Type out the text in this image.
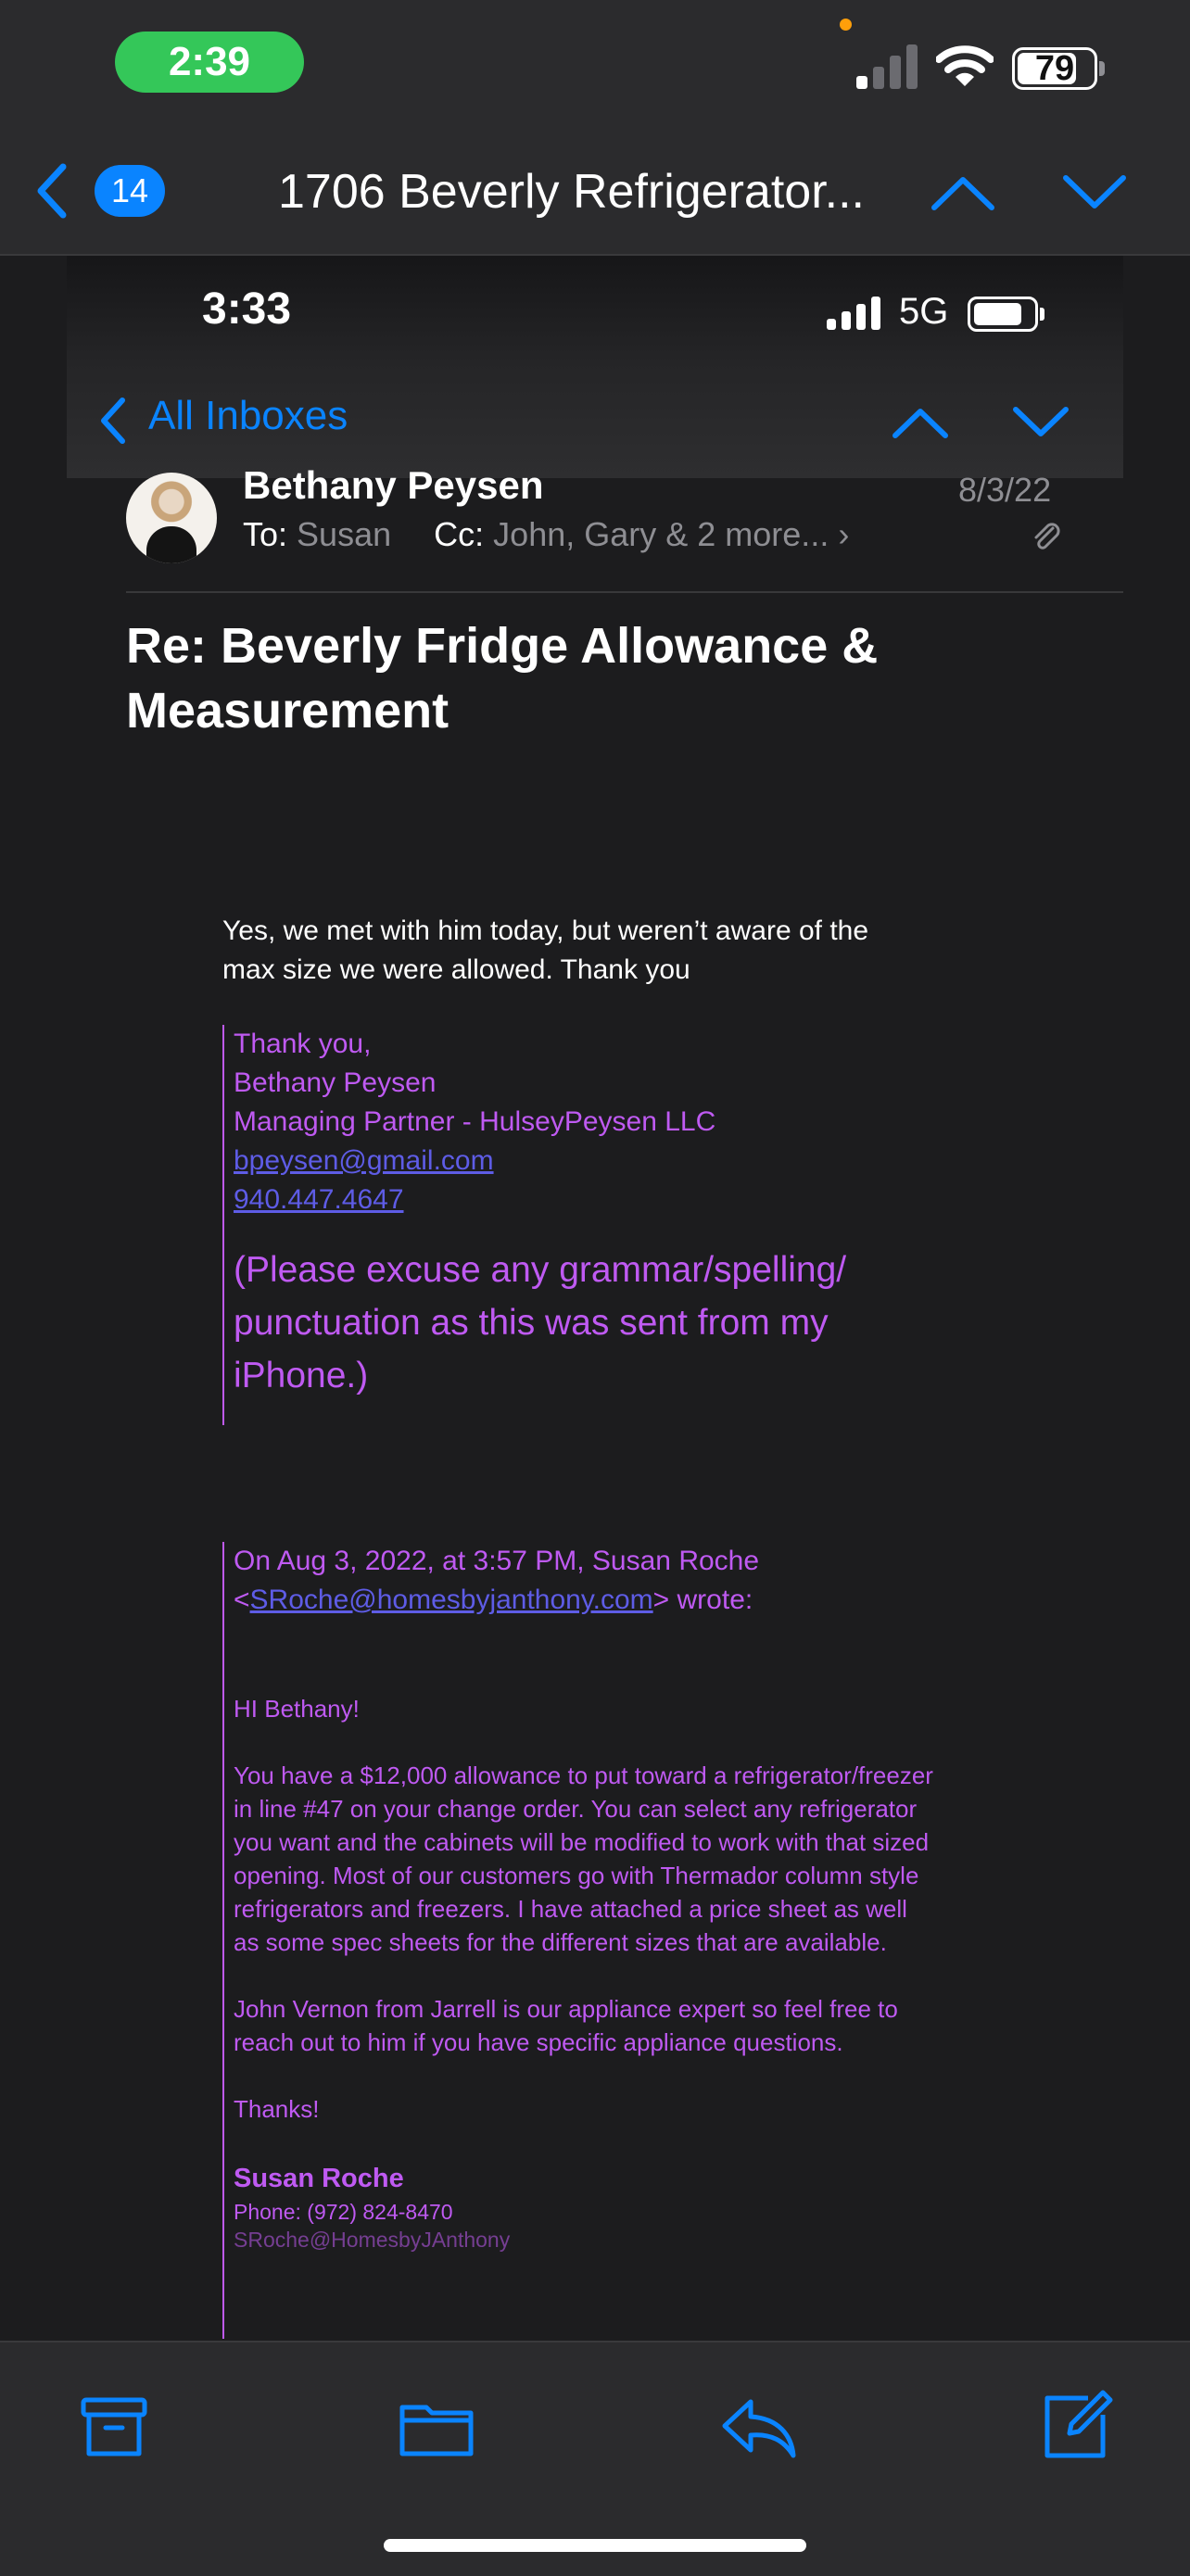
2:39	79
14	1706 Beverly Refrigerator...
3:33	5G
All Inboxes
Bethany Peysen	8/3/22
To: Susan Cc: John, Gary & 2 more... ›
Re: Beverly Fridge Allowance & Measurement
Yes, we met with him today, but weren’t aware of the max size we were allowed. Thank you
Thank you,
Bethany Peysen
Managing Partner - HulseyPeysen LLC
bpeysen@gmail.com
940.447.4647
(Please excuse any grammar/spelling/ punctuation as this was sent from my iPhone.)
On Aug 3, 2022, at 3:57 PM, Susan Roche
<SRoche@homesbyjanthony.com> wrote:
HI Bethany!
You have a $12,000 allowance to put toward a refrigerator/freezer in line #47 on your change order. You can select any refrigerator you want and the cabinets will be modified to work with that sized opening. Most of our customers go with Thermador column style refrigerators and freezers. I have attached a price sheet as well as some spec sheets for the different sizes that are available.
John Vernon from Jarrell is our appliance expert so feel free to reach out to him if you have specific appliance questions.
Thanks!
Susan Roche
Phone: (972) 824-8470
SRoche@HomesbyJAnthony
